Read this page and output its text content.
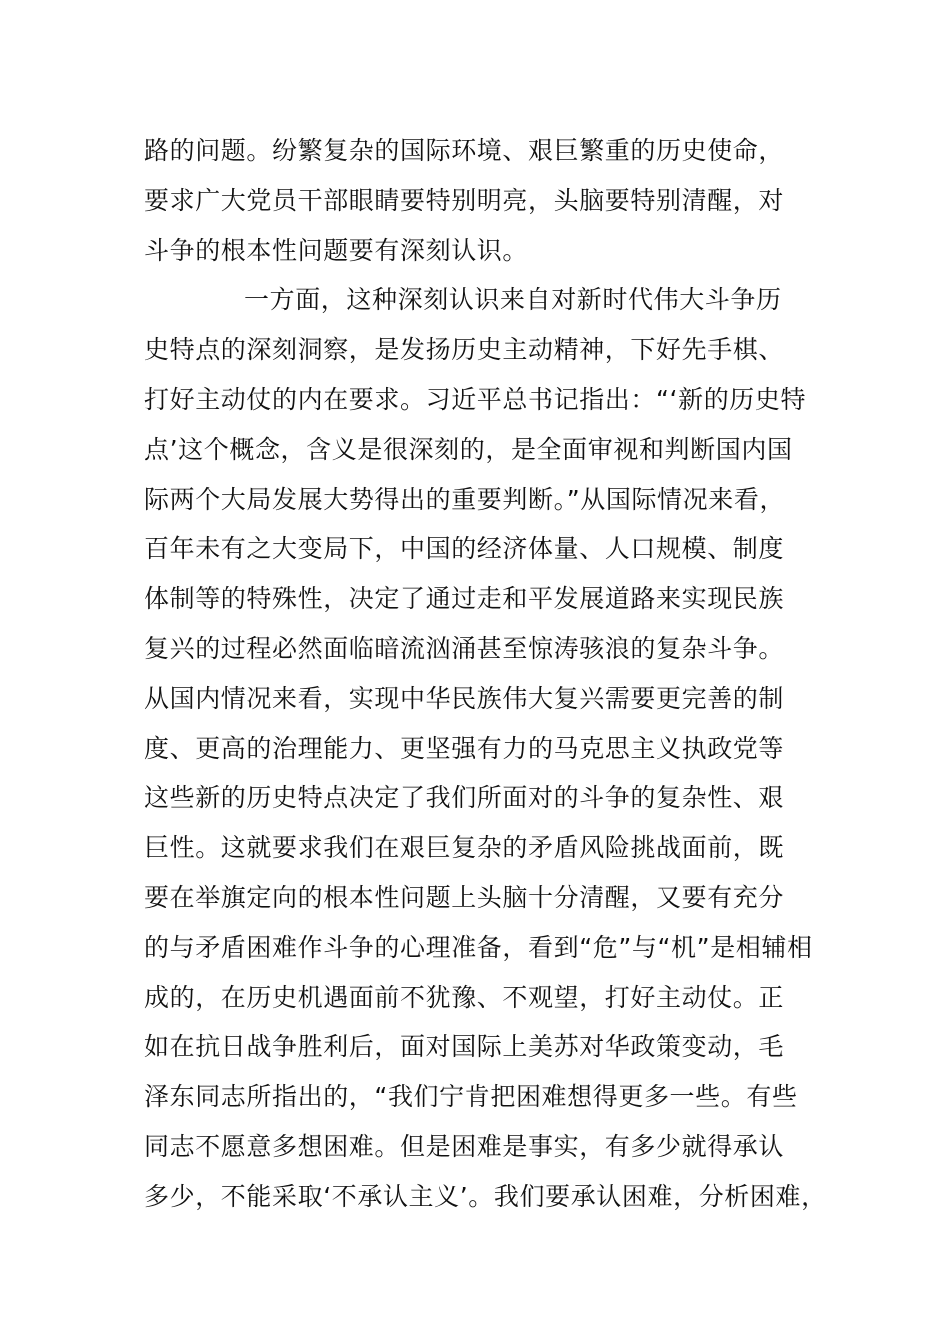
路的问题。纷繁复杂的国际环境、艰巨繁重的历史使命，
要求广大党员干部眼睛要特别明亮，头脑要特别清醒，对
斗争的根本性问题要有深刻认识。
一方面，这种深刻认识来自对新时代伟大斗争历
史特点的深刻洞察，是发扬历史主动精神，下好先手棋、
打好主动仗的内在要求。习近平总书记指出：“‘新的历史特
点’这个概念，含义是很深刻的，是全面审视和判断国内国
际两个大局发展大势得出的重要判断。”从国际情况来看，
百年未有之大变局下，中国的经济体量、人口规模、制度
体制等的特殊性，决定了通过走和平发展道路来实现民族
复兴的过程必然面临暗流汹涌甚至惊涛骇浪的复杂斗争。
从国内情况来看，实现中华民族伟大复兴需要更完善的制
度、更高的治理能力、更坚强有力的马克思主义执政党等
这些新的历史特点决定了我们所面对的斗争的复杂性、艰
巨性。这就要求我们在艰巨复杂的矛盾风险挑战面前，既
要在举旗定向的根本性问题上头脑十分清醒，又要有充分
的与矛盾困难作斗争的心理准备，看到“危”与“机”是相辅相
成的，在历史机遇面前不犹豫、不观望，打好主动仗。正
如在抗日战争胜利后，面对国际上美苏对华政策变动，毛
泽东同志所指出的，“我们宁肯把困难想得更多一些。有些
同志不愿意多想困难。但是困难是事实，有多少就得承认
多少，不能采取‘不承认主义’。我们要承认困难，分析困难，
